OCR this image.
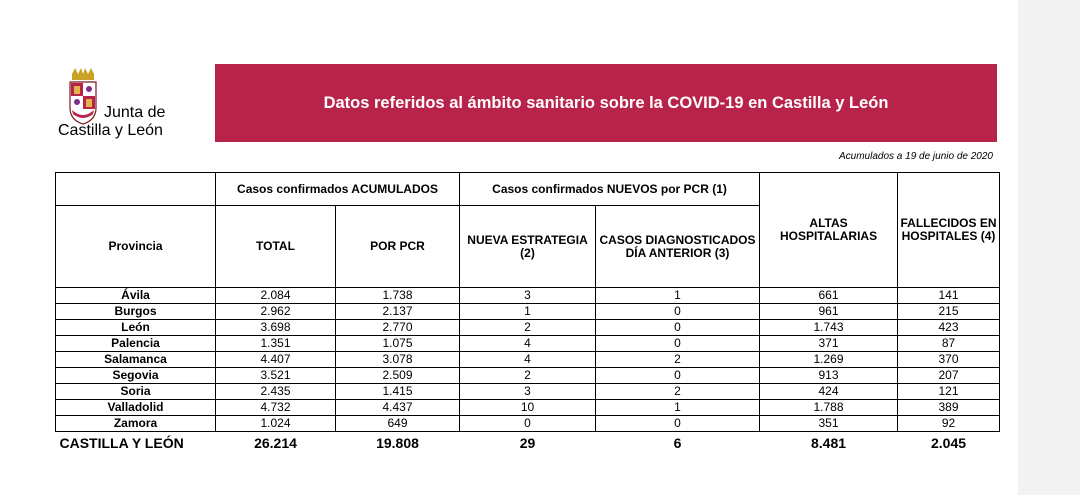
Junta de
Castilla y León
Datos referidos al ámbito sanitario sobre la COVID-19 en Castilla y León
Acumulados a 19 de junio de 2020
	Casos confirmados ACUMULADOS		Casos confirmados NUEVOS por PCR (1)		ALTAS HOSPITALARIAS	FALLECIDOS EN HOSPITALES (4)
Provincia	TOTAL	POR PCR	NUEVA ESTRATEGIA (2)	CASOS DIAGNOSTICADOS DÍA ANTERIOR (3)		
Ávila	2.084	1.738	3	1	661	141
Burgos	2.962	2.137	1	0	961	215
León	3.698	2.770	2	0	1.743	423
Palencia	1.351	1.075	4	0	371	87
Salamanca	4.407	3.078	4	2	1.269	370
Segovia	3.521	2.509	2	0	913	207
Soria	2.435	1.415	3	2	424	121
Valladolid	4.732	4.437	10	1	1.788	389
Zamora	1.024	649	0	0	351	92
CASTILLA Y LEÓN	26.214	19.808	29	6	8.481	2.045
